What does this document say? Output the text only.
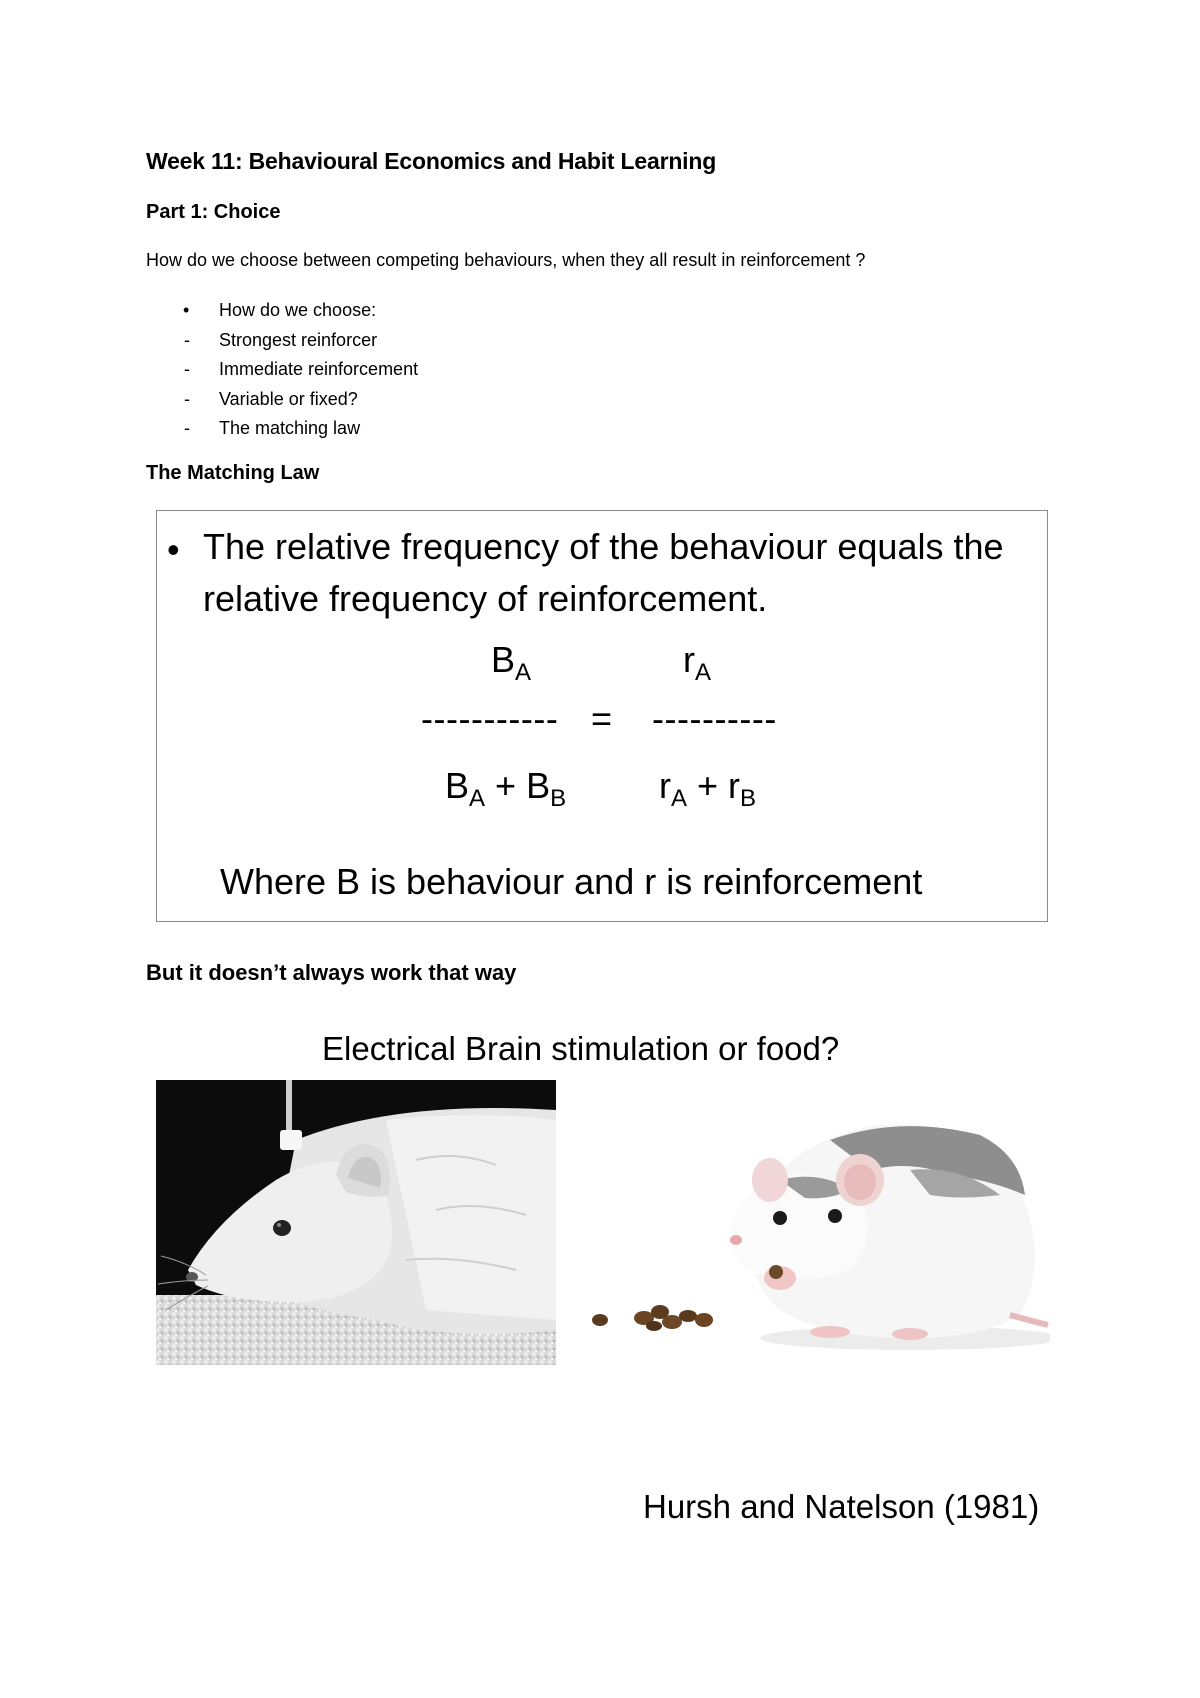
Week 11: Behavioural Economics and Habit Learning
Part 1: Choice
How do we choose between competing behaviours, when they all result in reinforcement ?
•	How do we choose:
-	Strongest reinforcer
-	Immediate reinforcement
-	Variable or fixed?
-	The matching law
The Matching Law
• The relative frequency of the behaviour equals the relative frequency of reinforcement.
$B_A$	$r_A$
----------- = ----------
$B_A + B_B$	$r_A + r_B$
Where B is behaviour and r is reinforcement
But it doesn’t always work that way
Electrical Brain stimulation or food?
Hursh and Natelson (1981)
